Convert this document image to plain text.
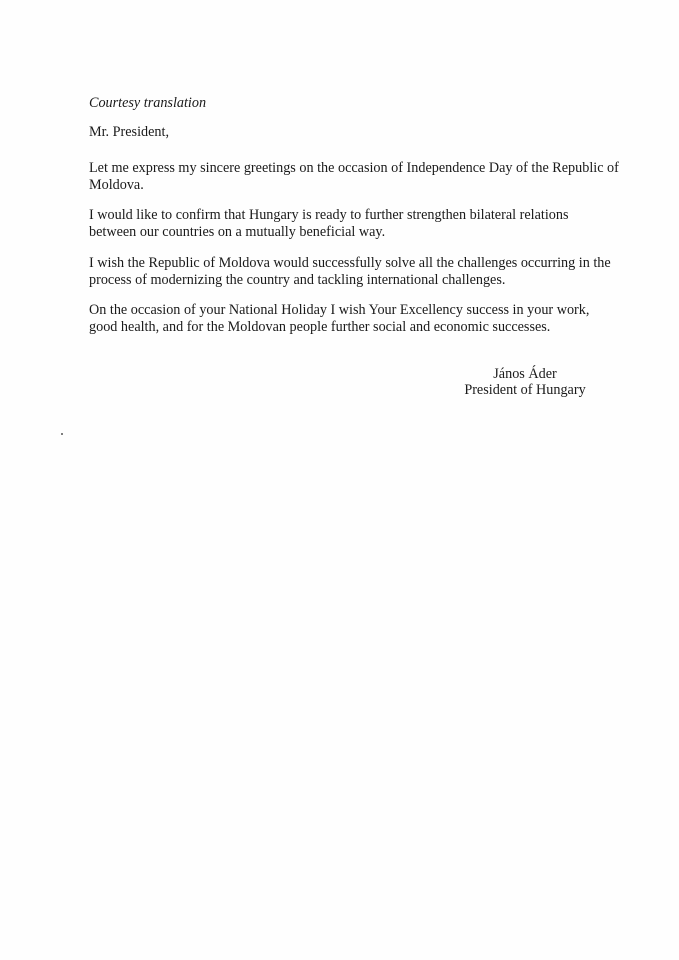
Courtesy translation
Mr. President,

Let me express my sincere greetings on the occasion of Independence Day of the Republic of Moldova.

I would like to confirm that Hungary is ready to further strengthen bilateral relations between our countries on a mutually beneficial way.

I wish the Republic of Moldova would successfully solve all the challenges occurring in the process of modernizing the country and tackling international challenges.

On the occasion of your National Holiday I wish Your Excellency success in your work, good health, and for the Moldovan people further social and economic successes.

János Áder
President of Hungary
